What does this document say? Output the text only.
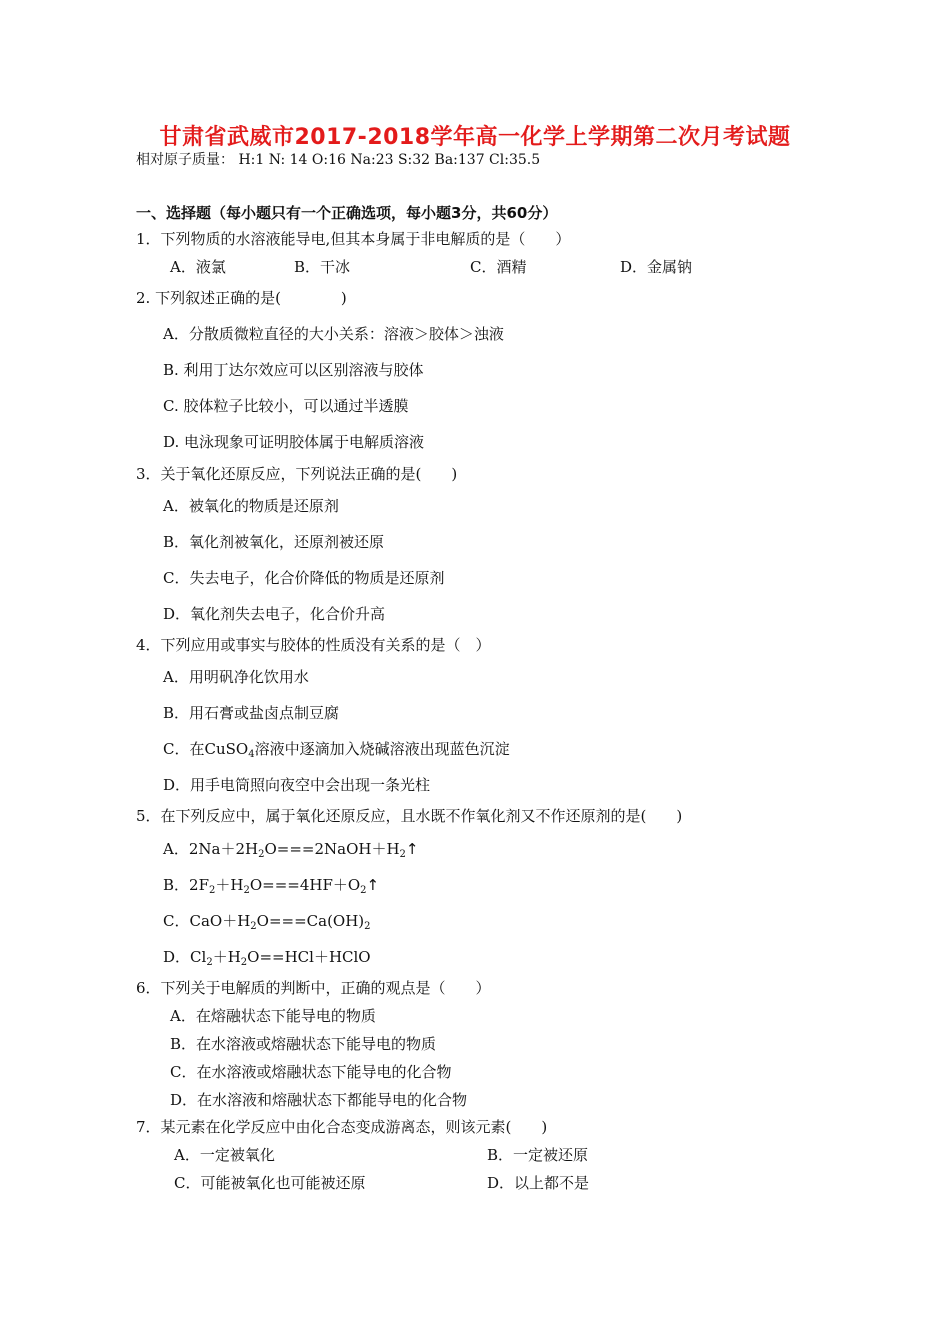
甘肃省武威市2017-2018学年高一化学上学期第二次月考试题
相对原子质量： H:1 N: 14 O:16 Na:23 S:32 Ba:137 Cl:35.5
一、选择题（每小题只有一个正确选项，每小题3分，共60分）
1．下列物质的水溶液能导电,但其本身属于非电解质的是（　　）
A．液氯	B．干冰	C．酒精	D．金属钠
2. 下列叙述正确的是(　　　　)
A．分散质微粒直径的大小关系：溶液＞胶体＞浊液
B. 利用丁达尔效应可以区别溶液与胶体
C. 胶体粒子比较小，可以通过半透膜
D. 电泳现象可证明胶体属于电解质溶液
3．关于氧化还原反应，下列说法正确的是(　　)
A．被氧化的物质是还原剂
B．氧化剂被氧化，还原剂被还原
C．失去电子，化合价降低的物质是还原剂
D．氧化剂失去电子，化合价升高
4．下列应用或事实与胶体的性质没有关系的是（　）
A．用明矾净化饮用水
B．用石膏或盐卤点制豆腐
C．在CuSO$_4$溶液中逐滴加入烧碱溶液出现蓝色沉淀
D．用手电筒照向夜空中会出现一条光柱
5．在下列反应中，属于氧化还原反应，且水既不作氧化剂又不作还原剂的是(　　)
A．$2Na+2H_2O===2NaOH+H_2↑$
B．$2F_2+H_2O===4HF+O_2↑$
C．$CaO+H_2O===Ca(OH)_2$
D．$Cl_2+H_2O==HCl+HClO$
6．下列关于电解质的判断中，正确的观点是（　　）
A．在熔融状态下能导电的物质
B．在水溶液或熔融状态下能导电的物质
C．在水溶液或熔融状态下能导电的化合物
D．在水溶液和熔融状态下都能导电的化合物
7．某元素在化学反应中由化合态变成游离态，则该元素(　　)
A．一定被氧化	B．一定被还原
C．可能被氧化也可能被还原	D．以上都不是
